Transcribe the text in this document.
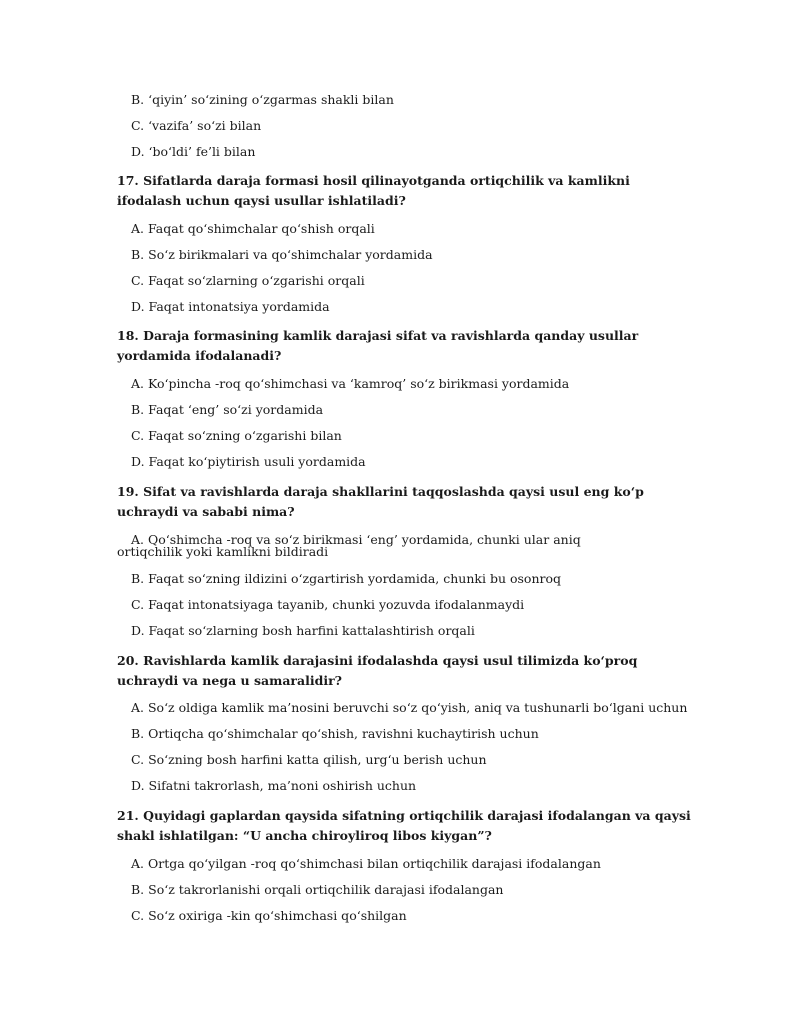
B. ‘qiyin’ so‘zining o‘zgarmas shakli bilan
C. ‘vazifa’ so‘zi bilan
D. ‘bo‘ldi’ fe’li bilan
17. Sifatlarda daraja formasi hosil qilinayotganda ortiqchilik va kamlikni ifodalash uchun qaysi usullar ishlatiladi?
A. Faqat qo‘shimchalar qo‘shish orqali
B. So‘z birikmalari va qo‘shimchalar yordamida
C. Faqat so‘zlarning o‘zgarishi orqali
D. Faqat intonatsiya yordamida
18. Daraja formasining kamlik darajasi sifat va ravishlarda qanday usullar yordamida ifodalanadi?
A. Ko‘pincha -roq qo‘shimchasi va ‘kamroq’ so‘z birikmasi yordamida
B. Faqat ‘eng’ so‘zi yordamida
C. Faqat so‘zning o‘zgarishi bilan
D. Faqat ko‘piytirish usuli yordamida
19. Sifat va ravishlarda daraja shakllarini taqqoslashda qaysi usul eng ko‘p uchraydi va sababi nima?
A. Qo‘shimcha -roq va so‘z birikmasi ‘eng’ yordamida, chunki ular aniq ortiqchilik yoki kamlikni bildiradi
B. Faqat so‘zning ildizini o‘zgartirish yordamida, chunki bu osonroq
C. Faqat intonatsiyaga tayanib, chunki yozuvda ifodalanmaydi
D. Faqat so‘zlarning bosh harfini kattalashtirish orqali
20. Ravishlarda kamlik darajasini ifodalashda qaysi usul tilimizda ko‘proq uchraydi va nega u samaralidir?
A. So‘z oldiga kamlik ma’nosini beruvchi so‘z qo‘yish, aniq va tushunarli bo‘lgani uchun
B. Ortiqcha qo‘shimchalar qo‘shish, ravishni kuchaytirish uchun
C. So‘zning bosh harfini katta qilish, urg‘u berish uchun
D. Sifatni takrorlash, ma’noni oshirish uchun
21. Quyidagi gaplardan qaysida sifatning ortiqchilik darajasi ifodalangan va qaysi shakl ishlatilgan: “U ancha chiroyliroq libos kiygan”?
A. Ortga qo‘yilgan -roq qo‘shimchasi bilan ortiqchilik darajasi ifodalangan
B. So‘z takrorlanishi orqali ortiqchilik darajasi ifodalangan
C. So‘z oxiriga -kin qo‘shimchasi qo‘shilgan
